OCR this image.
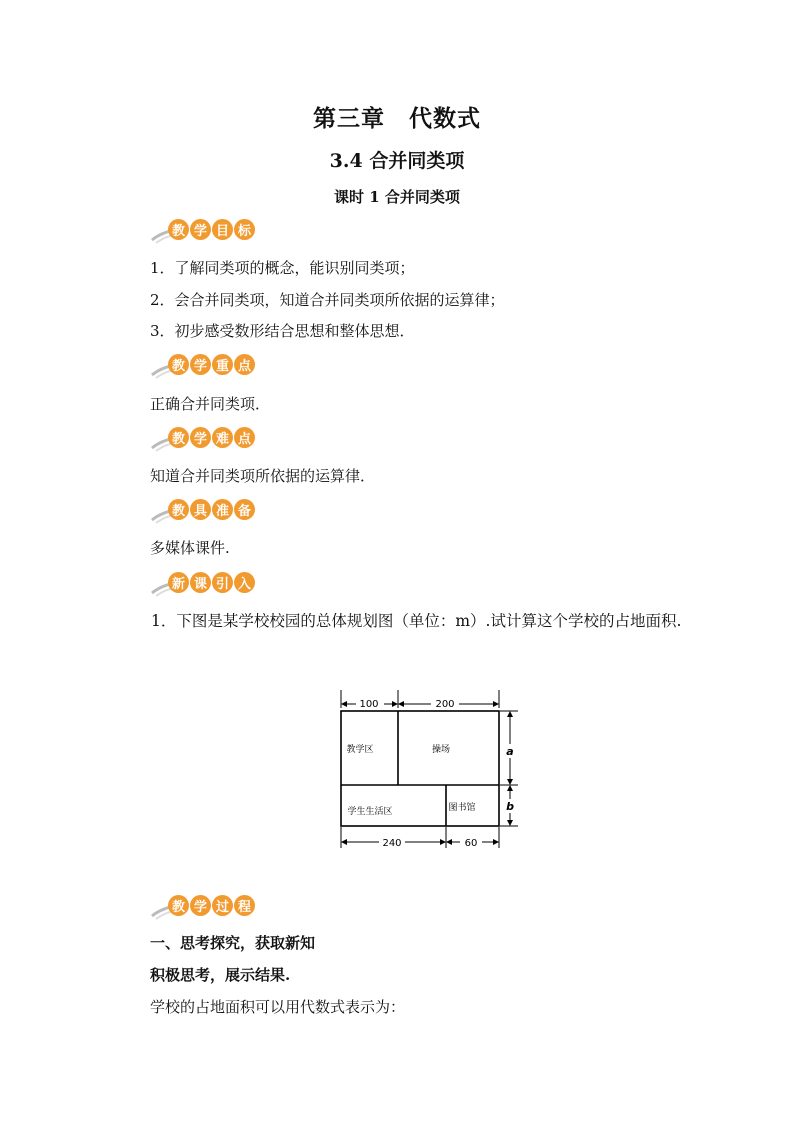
第三章　代数式
3.4 合并同类项
课时 1 合并同类项
教 学 目 标
1．了解同类项的概念，能识别同类项；
2．会合并同类项，知道合并同类项所依据的运算律；
3．初步感受数形结合思想和整体思想．
教 学 重 点
正确合并同类项．
教 学 难 点
知道合并同类项所依据的运算律．
教 具 准 备
多媒体课件.
新 课 引 入
1．下图是某学校校园的总体规划图（单位：m）.试计算这个学校的占地面积.
100	200
教学区	操场
学生生活区	图书馆
a
b
240	60
教 学 过 程
一、思考探究，获取新知
积极思考，展示结果.
学校的占地面积可以用代数式表示为：
